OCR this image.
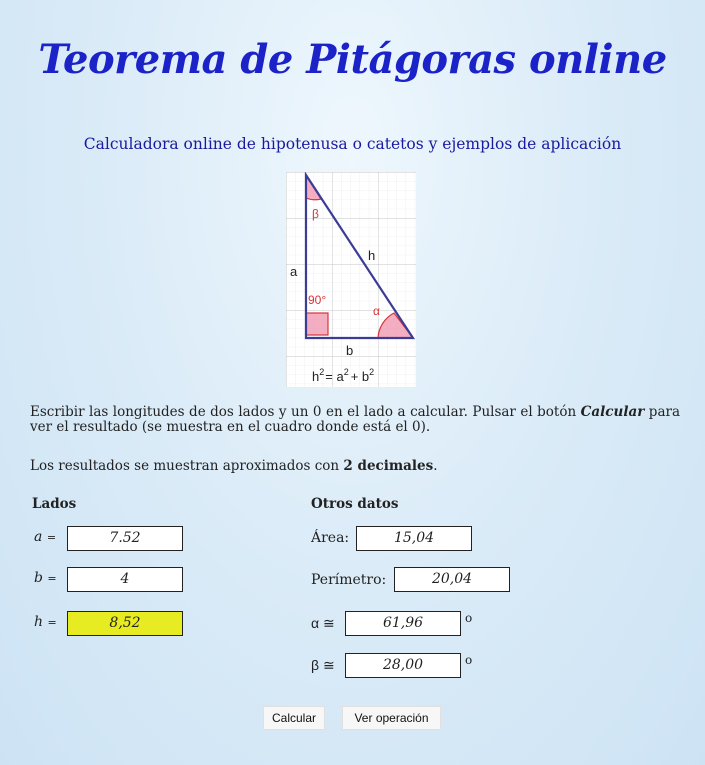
Teorema de Pitágoras online

Calculadora online de hipotenusa o catetos y ejemplos de aplicación

β
h
a
90°
α
b
$h^2= a^2 + b^2$

Escribir las longitudes de dos lados y un 0 en el lado a calcular. Pulsar el botón Calcular para ver el resultado (se muestra en el cuadro donde está el 0).

Los resultados se muestran aproximados con 2 decimales.

Lados
a =
7.52
b =
4
h =
8,52
Otros datos
Área:
15,04
Perímetro:
20,04
α ≅
61,96	o
β ≅
28,00	o
Calcular	Ver operación
